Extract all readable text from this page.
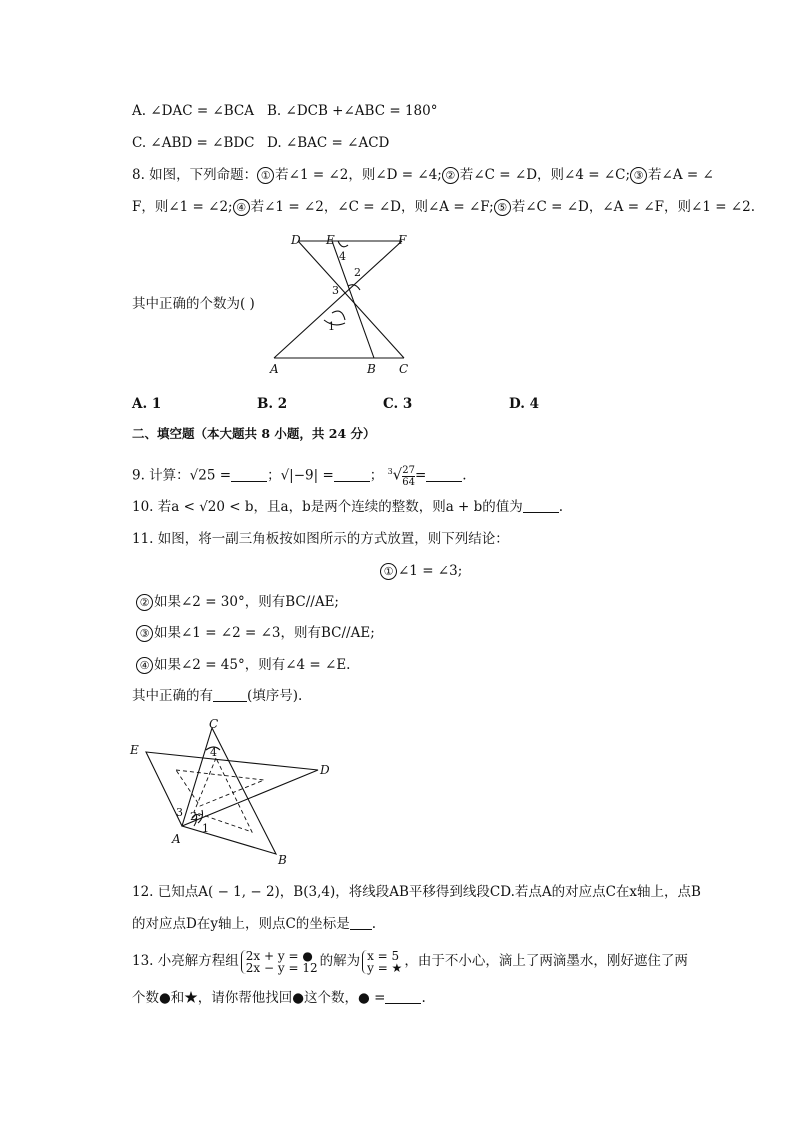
A. ∠DAC = ∠BCA B. ∠DCB +∠ABC = 180°
C. ∠ABD = ∠BDC D. ∠BAC = ∠ACD
8. 如图，下列命题： ① 若∠1 = ∠2，则∠D = ∠4; ② 若∠C = ∠D，则∠4 = ∠C; ③ 若∠A = ∠
F，则∠1 = ∠2; ④ 若∠1 = ∠2，∠C = ∠D，则∠A = ∠F; ⑤ 若∠C = ∠D，∠A = ∠F，则∠1 = ∠2.
D E	F
A	B C
4
2
3
1
其中正确的个数为( )
A. 1	B. 2	C. 3	D. 4
二、填空题（本大题共 8 小题，共 24 分）
9. 计算：√25 =	；√|−9| =	； $^3√ \frac{27}{64}$ =	.
10. 若a < √20 < b，且a，b是两个连续的整数，则a + b的值为	.
11. 如图，将一副三角板按如图所示的方式放置，则下列结论：
① ∠1 = ∠3;
② 如果∠2 = 30°，则有BC//AE;
③ 如果∠1 = ∠2 = ∠3，则有BC//AE;
④ 如果∠2 = 45°，则有∠4 = ∠E.
其中正确的有	(填序号).
E
C
D
A
B
4
3 2
1
12. 已知点A( − 1, − 2)，B(3,4)，将线段AB平移得到线段CD.若点A的对应点C在x轴上，点B
的对应点D在y轴上，则点C的坐标是 .
13. 小亮解方程组 2x + y = ●
2x − y = 12 的解为 x = 5
y = ★ ，由于不小心，滴上了两滴墨水，刚好遮住了两
个数●和★，请你帮他找回●这个数，● =	.
